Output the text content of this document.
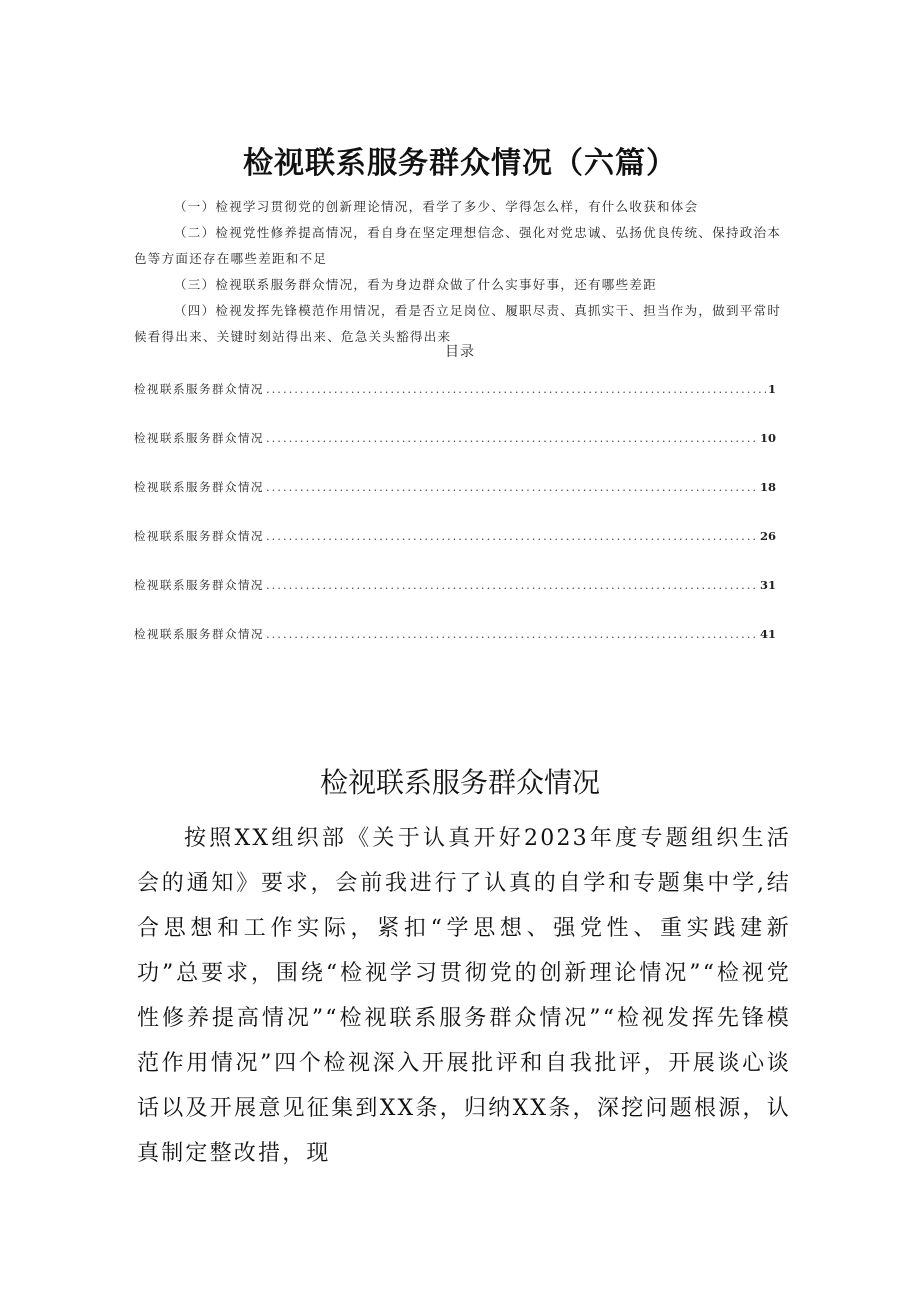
检视联系服务群众情况（六篇）

（一）检视学习贯彻党的创新理论情况，看学了多少、学得怎么样，有什么收获和体会

（二）检视党性修养提高情况，看自身在坚定理想信念、强化对党忠诚、弘扬优良传统、保持政治本色等方面还存在哪些差距和不足

（三）检视联系服务群众情况，看为身边群众做了什么实事好事，还有哪些差距

（四）检视发挥先锋模范作用情况，看是否立足岗位、履职尽责、真抓实干、担当作为，做到平常时候看得出来、关键时刻站得出来、危急关头豁得出来

目录
检视联系服务群众情况 .....	1
检视联系服务群众情况 .....	10
检视联系服务群众情况 .....	18
检视联系服务群众情况 .....	26
检视联系服务群众情况 .....	31
检视联系服务群众情况 .....	41
检视联系服务群众情况

按照XX组织部《关于认真开好2023年度专题组织生活会的通知》要求，会前我进行了认真的自学和专题集中学,结合思想和工作实际，紧扣“学思想、强党性、重实践建新功”总要求，围绕“检视学习贯彻党的创新理论情况”“检视党性修养提高情况”“检视联系服务群众情况”“检视发挥先锋模范作用情况”四个检视深入开展批评和自我批评，开展谈心谈话以及开展意见征集到XX条，归纳XX条，深挖问题根源，认真制定整改措，现
